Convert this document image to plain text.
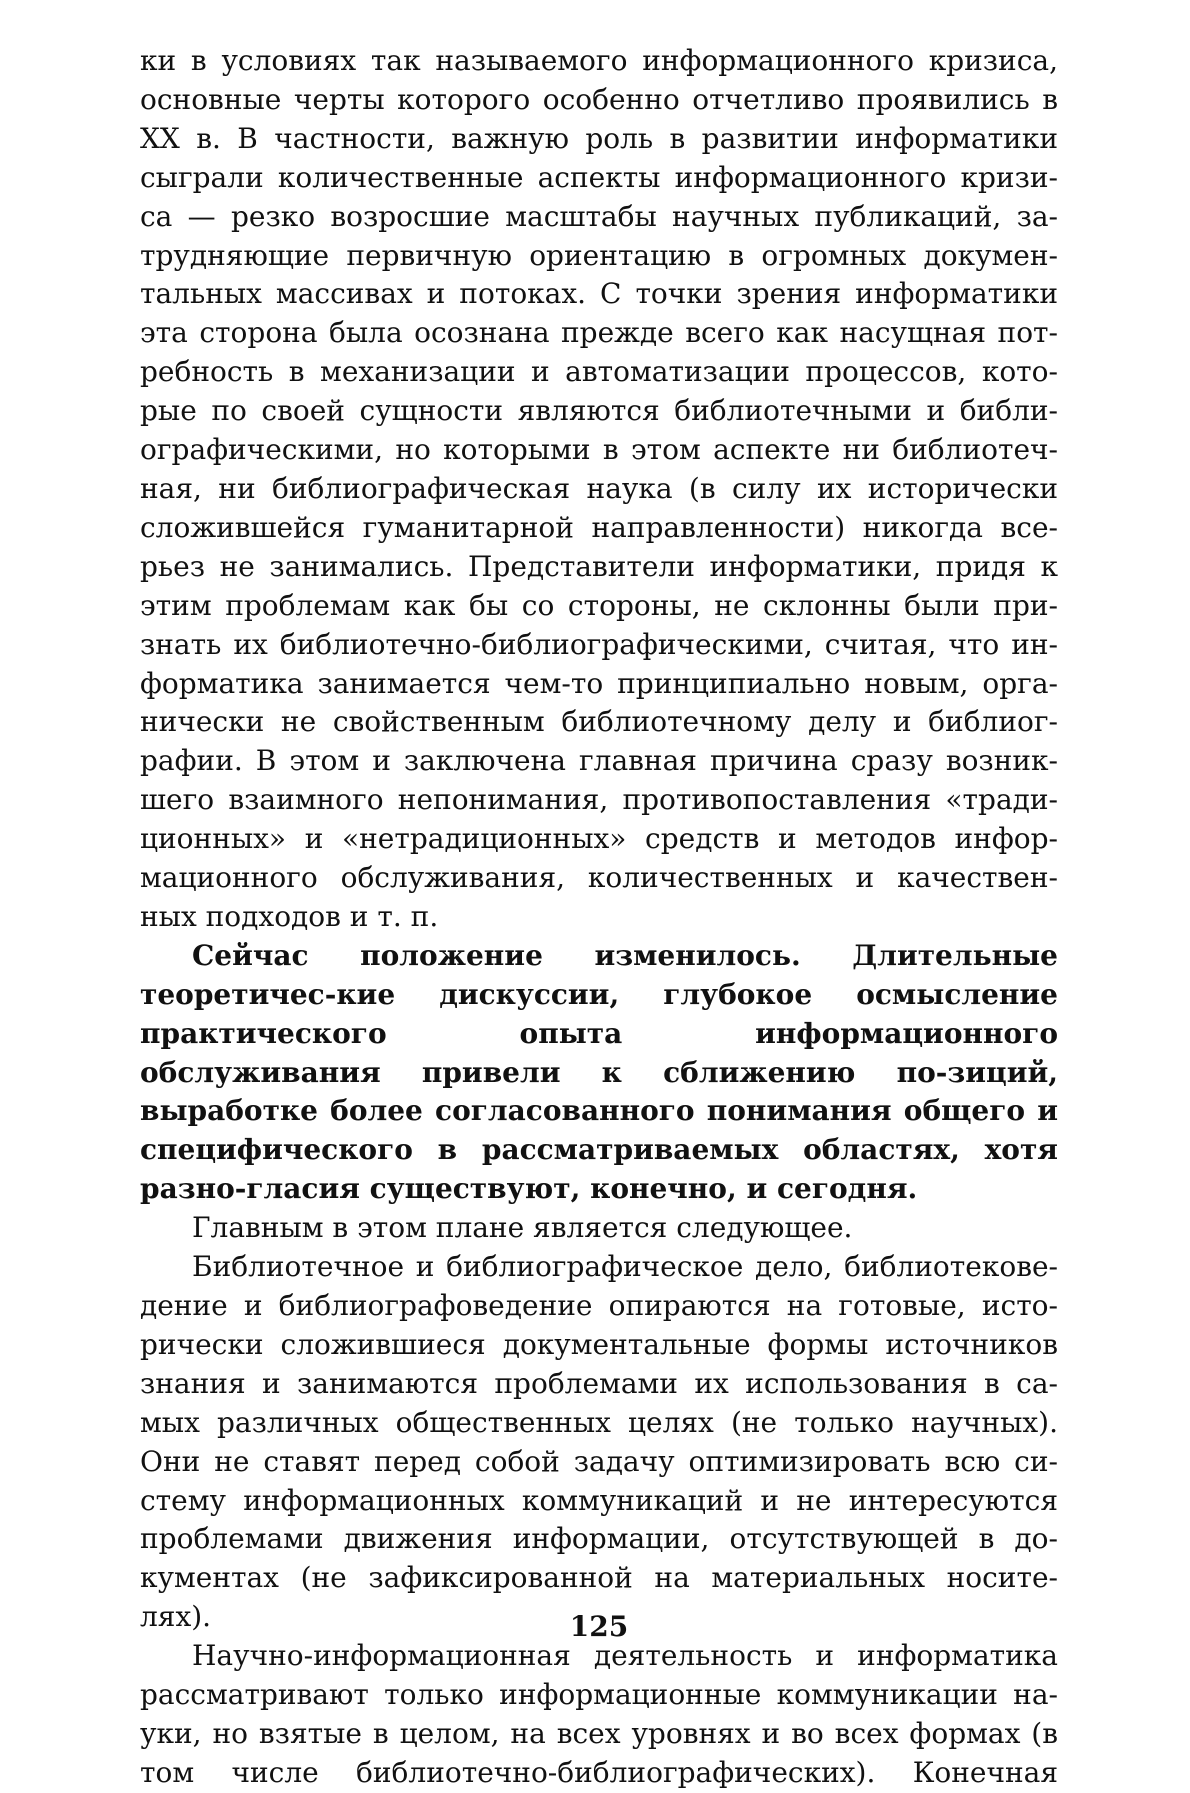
ки в условиях так называемого информационного кризиса, основные черты которого особенно отчетливо проявились в XX в. В частности, важную роль в развитии информатики сыграли количественные аспекты информационного кризи-са — резко возросшие масштабы научных публикаций, за-трудняющие первичную ориентацию в огромных докумен-тальных массивах и потоках. С точки зрения информатики эта сторона была осознана прежде всего как насущная пот-ребность в механизации и автоматизации процессов, кото-рые по своей сущности являются библиотечными и библи-ографическими, но которыми в этом аспекте ни библиотеч-ная, ни библиографическая наука (в силу их исторически сложившейся гуманитарной направленности) никогда все-рьез не занимались. Представители информатики, придя к этим проблемам как бы со стороны, не склонны были при-знать их библиотечно-библиографическими, считая, что ин-форматика занимается чем-то принципиально новым, орга-нически не свойственным библиотечному делу и библиог-рафии. В этом и заключена главная причина сразу возник-шего взаимного непонимания, противопоставления «тради-ционных» и «нетрадиционных» средств и методов инфор-мационного обслуживания, количественных и качествен-ных подходов и т. п.

Сейчас положение изменилось. Длительные теоретичес-кие дискуссии, глубокое осмысление практического опыта информационного обслуживания привели к сближению по-зиций, выработке более согласованного понимания общего и специфического в рассматриваемых областях, хотя разно-гласия существуют, конечно, и сегодня.

Главным в этом плане является следующее.

Библиотечное и библиографическое дело, библиотекове-дение и библиографоведение опираются на готовые, исто-рически сложившиеся документальные формы источников знания и занимаются проблемами их использования в са-мых различных общественных целях (не только научных). Они не ставят перед собой задачу оптимизировать всю си-стему информационных коммуникаций и не интересуются проблемами движения информации, отсутствующей в до-кументах (не зафиксированной на материальных носите-лях).

Научно-информационная деятельность и информатика рассматривают только информационные коммуникации на-уки, но взятые в целом, на всех уровнях и во всех формах (в том числе библиотечно-библиографических). Конечная

125
